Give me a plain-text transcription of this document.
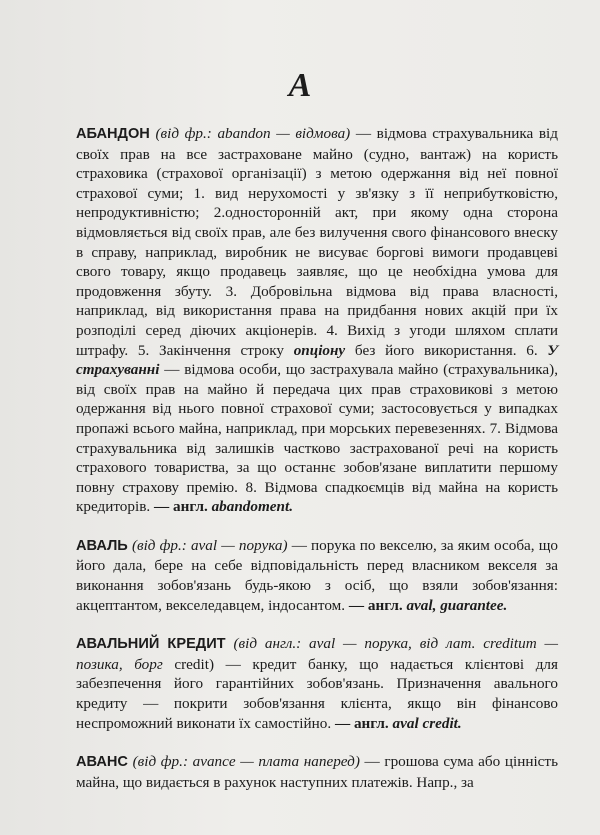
А

АБАНДОН (від фр.: abandon — відмова) — відмова страхувальника від своїх прав на все застраховане майно (судно, вантаж) на користь страховика (страхової організації) з метою одержання від неї повної страхової суми; 1. вид нерухомості у зв'язку з її неприбутковістю, непродуктивністю; 2.односторонній акт, при якому одна сторона відмовляється від своїх прав, але без вилучення свого фінансового внеску в справу, наприклад, виробник не висуває боргові вимоги продавцеві свого товару, якщо продавець заявляє, що це необхідна умова для продовження збуту. 3. Добровільна відмова від права власності, наприклад, від використання права на придбання нових акцій при їх розподілі серед діючих акціонерів. 4. Вихід з угоди шляхом сплати штрафу. 5. Закінчення строку опціону без його використання. 6. У страхуванні — відмова особи, що застрахувала майно (страхувальника), від своїх прав на майно й передача цих прав страховикові з метою одержання від нього повної страхової суми; застосовується у випадках пропажі всього майна, наприклад, при морських перевезеннях. 7. Відмова страхувальника від залишків частково застрахованої речі на користь страхового товариства, за що останнє зобов'язане виплатити першому повну страхову премію. 8. Відмова спадкоємців від майна на користь кредиторів. — англ. abandoment.

АВАЛЬ (від фр.: aval — порука) — порука по векселю, за яким особа, що його дала, бере на себе відповідальність перед власником векселя за виконання зобов'язань будь-якою з осіб, що взяли зобов'язання: акцептантом, векселедавцем, індосантом. — англ. aval, guarantee.

АВАЛЬНИЙ КРЕДИТ (від англ.: aval — порука, від лат. creditum — позика, борг credit) — кредит банку, що надається клієнтові для забезпечення його гарантійних зобов'язань. Призначення авального кредиту — покрити зобов'язання клієнта, якщо він фінансово неспроможний виконати їх самостійно. — англ. aval credit.

АВАНС (від фр.: avance — плата наперед) — грошова сума або цінність майна, що видається в рахунок наступних платежів. Напр., за
